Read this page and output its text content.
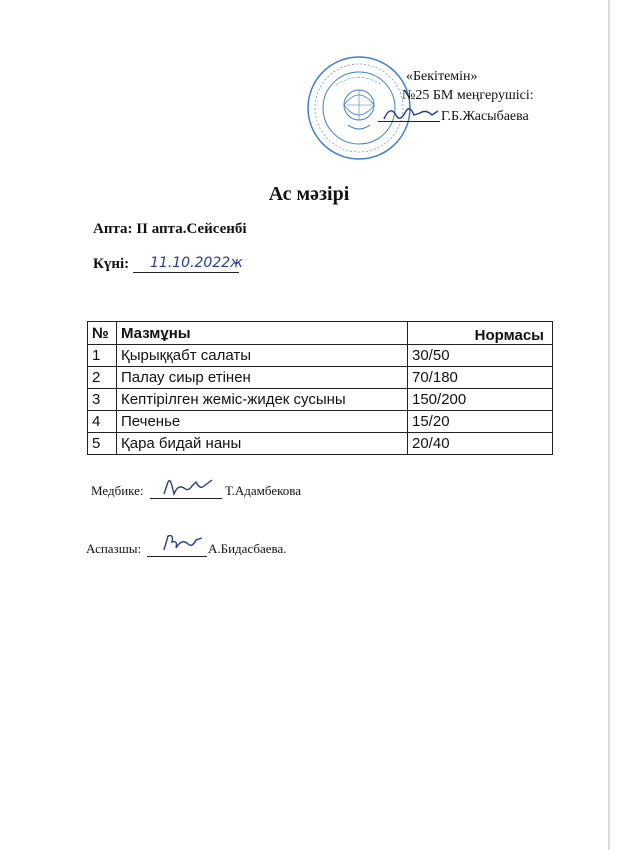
«Бекітемін»
№25 БМ меңгерушісі:
Г.Б.Жасыбаева
Ас мәзірі
Апта: ІІ апта.Сейсенбі
Күні: 11.10.2022ж
№	Мазмұны	Нормасы
1	Қырыққабт салаты	30/50
2	Палау сиыр етінен	70/180
3	Кептірілген жеміс-жидек сусыны	150/200
4	Печенье	15/20
5	Қара бидай наны	20/40
Медбике:	Т.Адамбекова
Аспазшы:	А.Бидасбаева.
